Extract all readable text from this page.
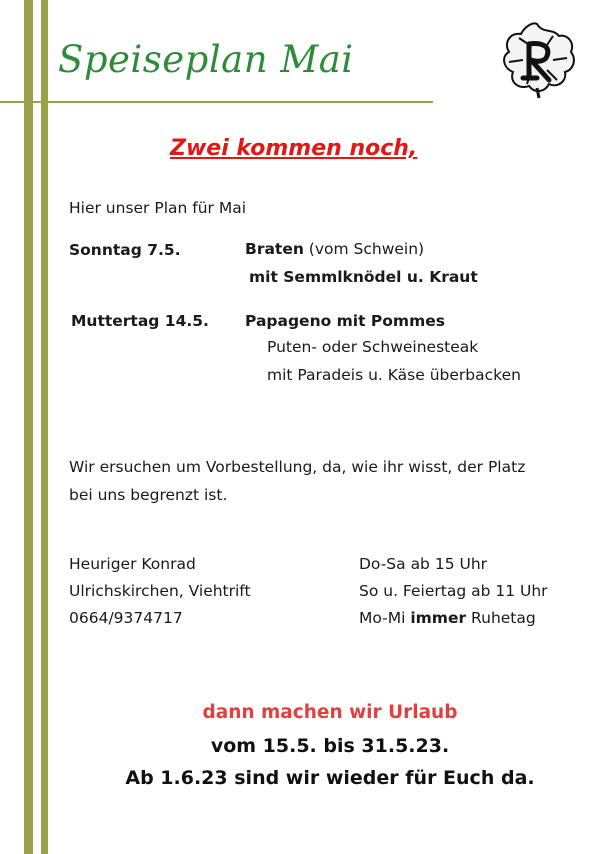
Speiseplan Mai
Zwei kommen noch,
Hier unser Plan für Mai
Sonntag 7.5.	Braten (vom Schwein)
mit Semmlknödel u. Kraut
Muttertag 14.5. Papageno mit Pommes
Puten- oder Schweinesteak
mit Paradeis u. Käse überbacken
Wir ersuchen um Vorbestellung, da, wie ihr wisst, der Platz
bei uns begrenzt ist.
Heuriger Konrad
Ulrichskirchen, Viehtrift
0664/9374717
Do-Sa ab 15 Uhr
So u. Feiertag ab 11 Uhr
Mo-Mi immer Ruhetag
dann machen wir Urlaub
vom 15.5. bis 31.5.23.
Ab 1.6.23 sind wir wieder für Euch da.
